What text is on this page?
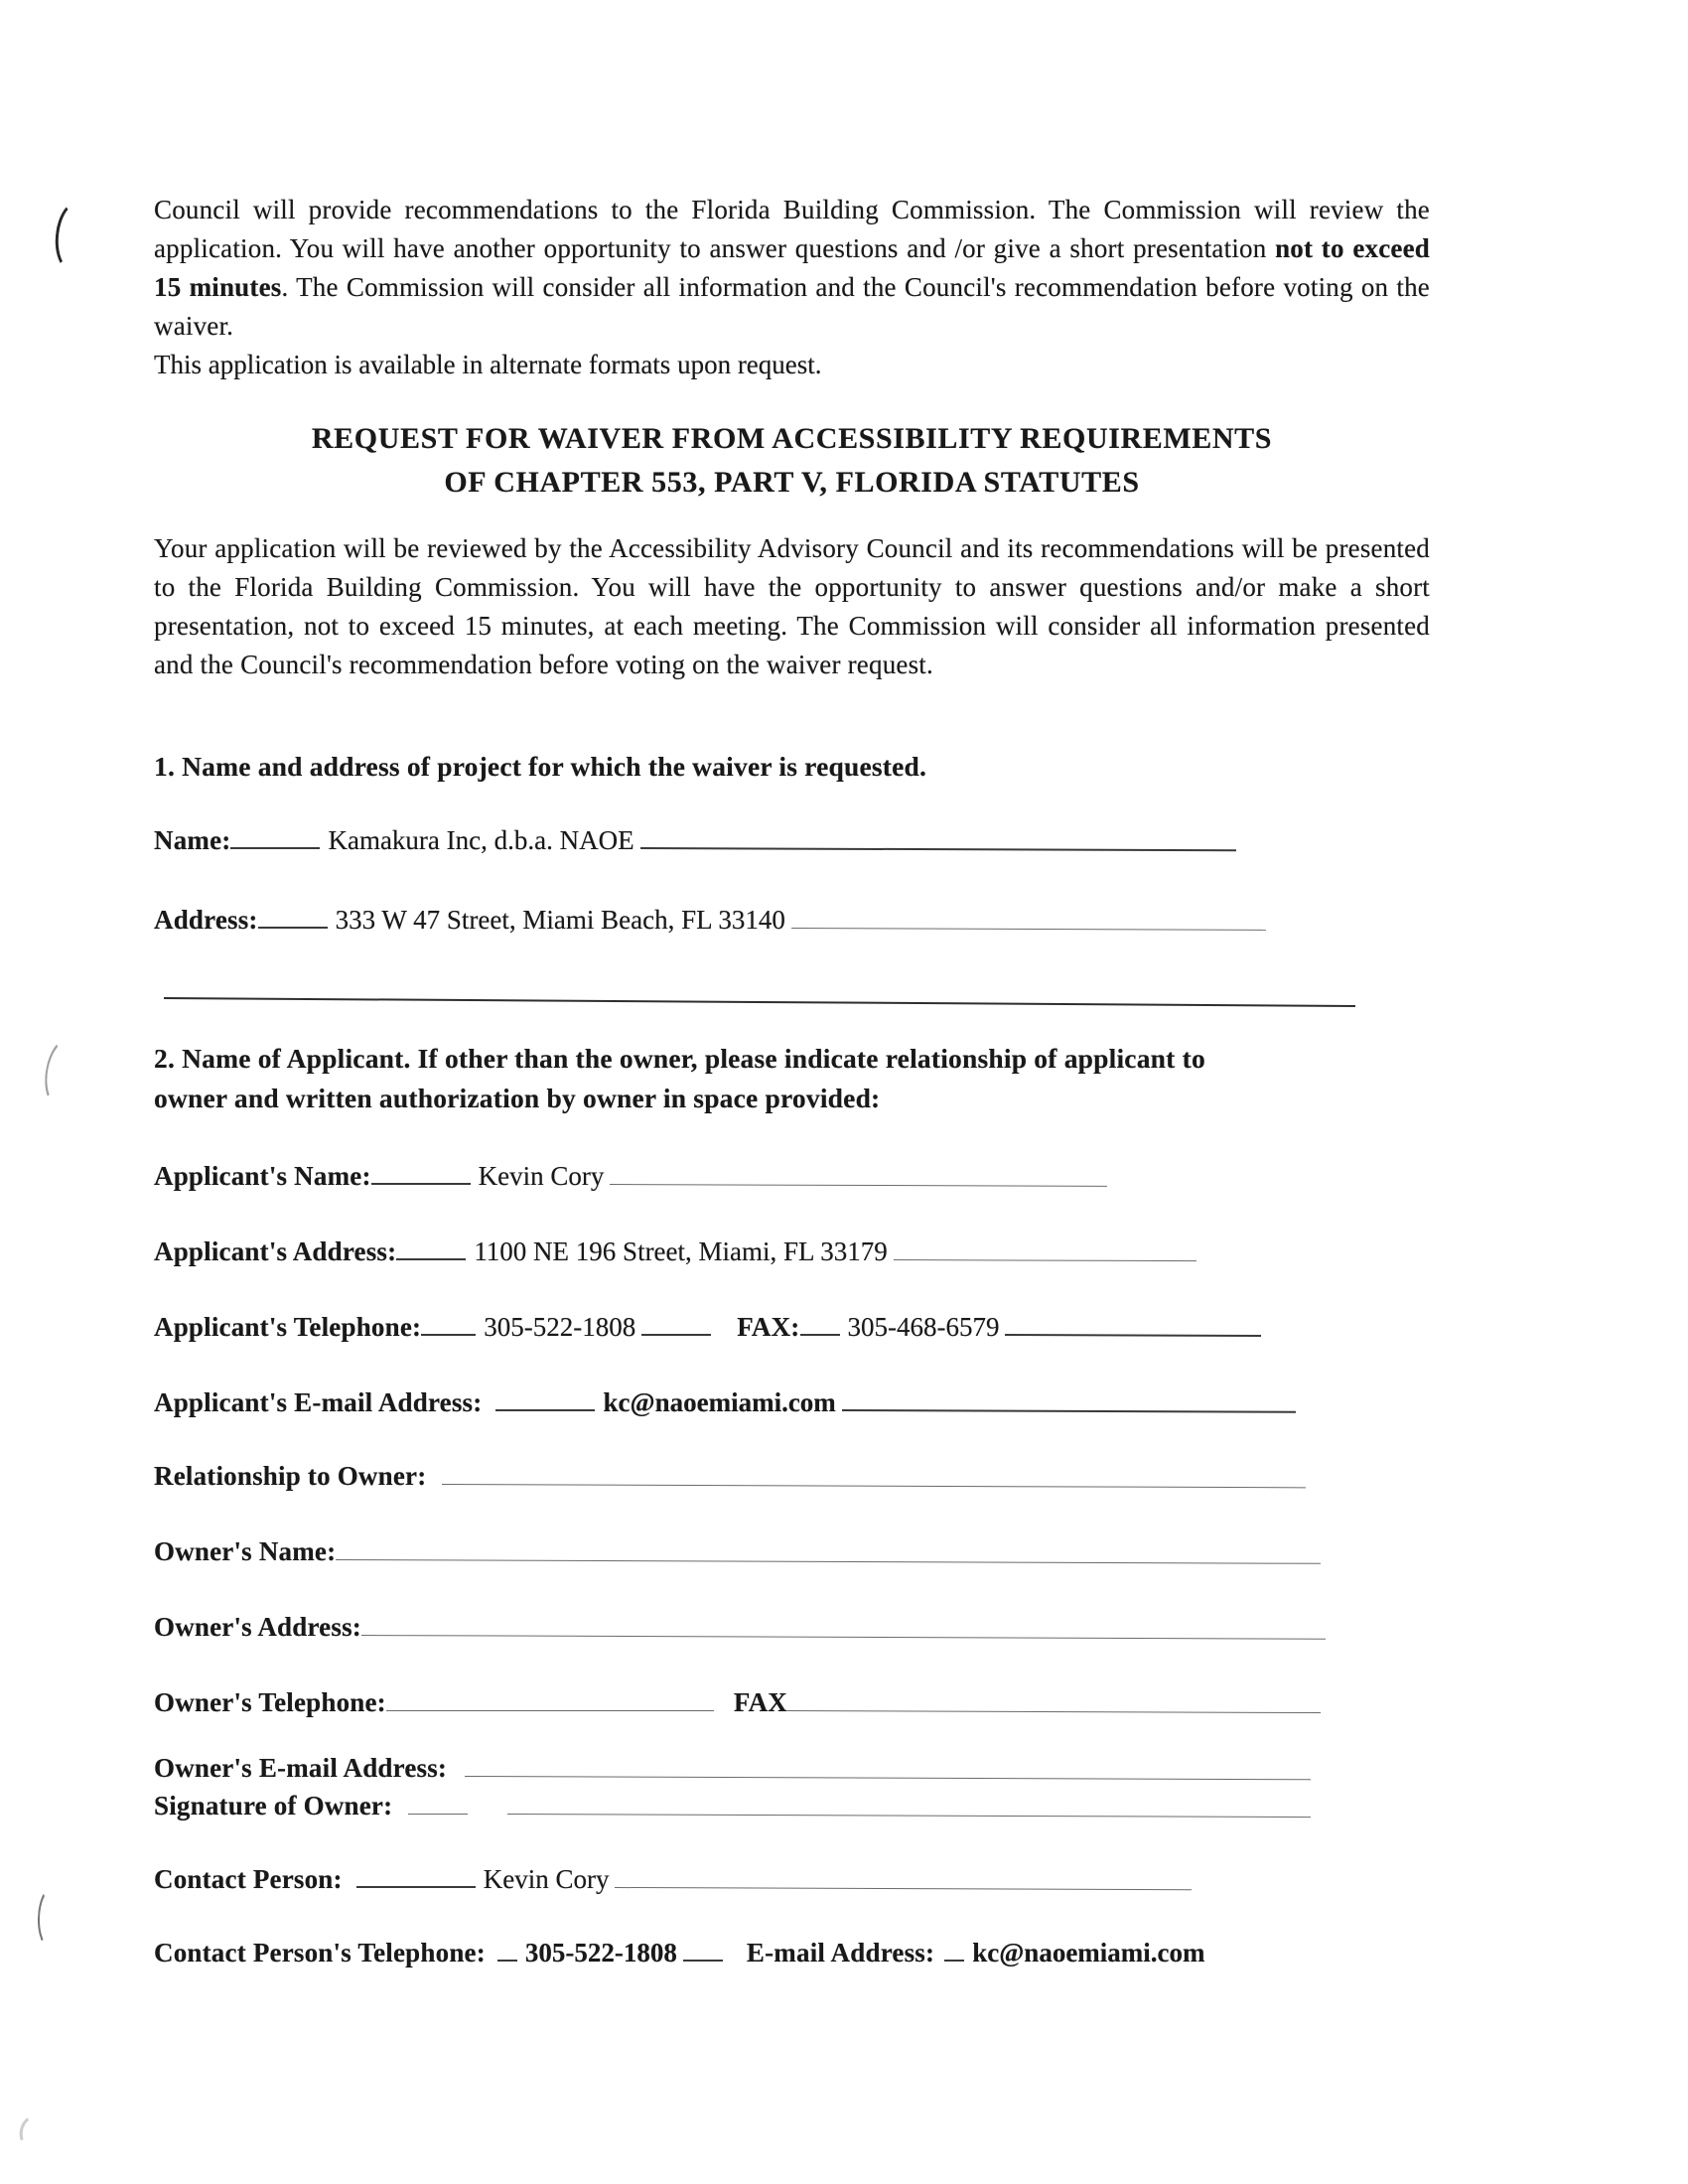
Council will provide recommendations to the Florida Building Commission. The Commission will review the application. You will have another opportunity to answer questions and /or give a short presentation not to exceed 15 minutes. The Commission will consider all information and the Council's recommendation before voting on the waiver.
This application is available in alternate formats upon request.
REQUEST FOR WAIVER FROM ACCESSIBILITY REQUIREMENTS
OF CHAPTER 553, PART V, FLORIDA STATUTES
Your application will be reviewed by the Accessibility Advisory Council and its recommendations will be presented to the Florida Building Commission. You will have the opportunity to answer questions and/or make a short presentation, not to exceed 15 minutes, at each meeting. The Commission will consider all information presented and the Council's recommendation before voting on the waiver request.
1. Name and address of project for which the waiver is requested.
Name:	Kamakura Inc, d.b.a. NAOE
Address:	333 W 47 Street, Miami Beach, FL 33140
2. Name of Applicant. If other than the owner, please indicate relationship of applicant to
owner and written authorization by owner in space provided:
Applicant's Name:	Kevin Cory
Applicant's Address:	1100 NE 196 Street, Miami, FL 33179
Applicant's Telephone: 305-522-1808	FAX: 305-468-6579
Applicant's E-mail Address:	kc@naoemiami.com
Relationship to Owner:
Owner's Name:
Owner's Address:
Owner's Telephone:	FAX
Owner's E-mail Address:
Signature of Owner:
Contact Person:	Kevin Cory
Contact Person's Telephone: 305-522-1808	E-mail Address: kc@naoemiami.com
